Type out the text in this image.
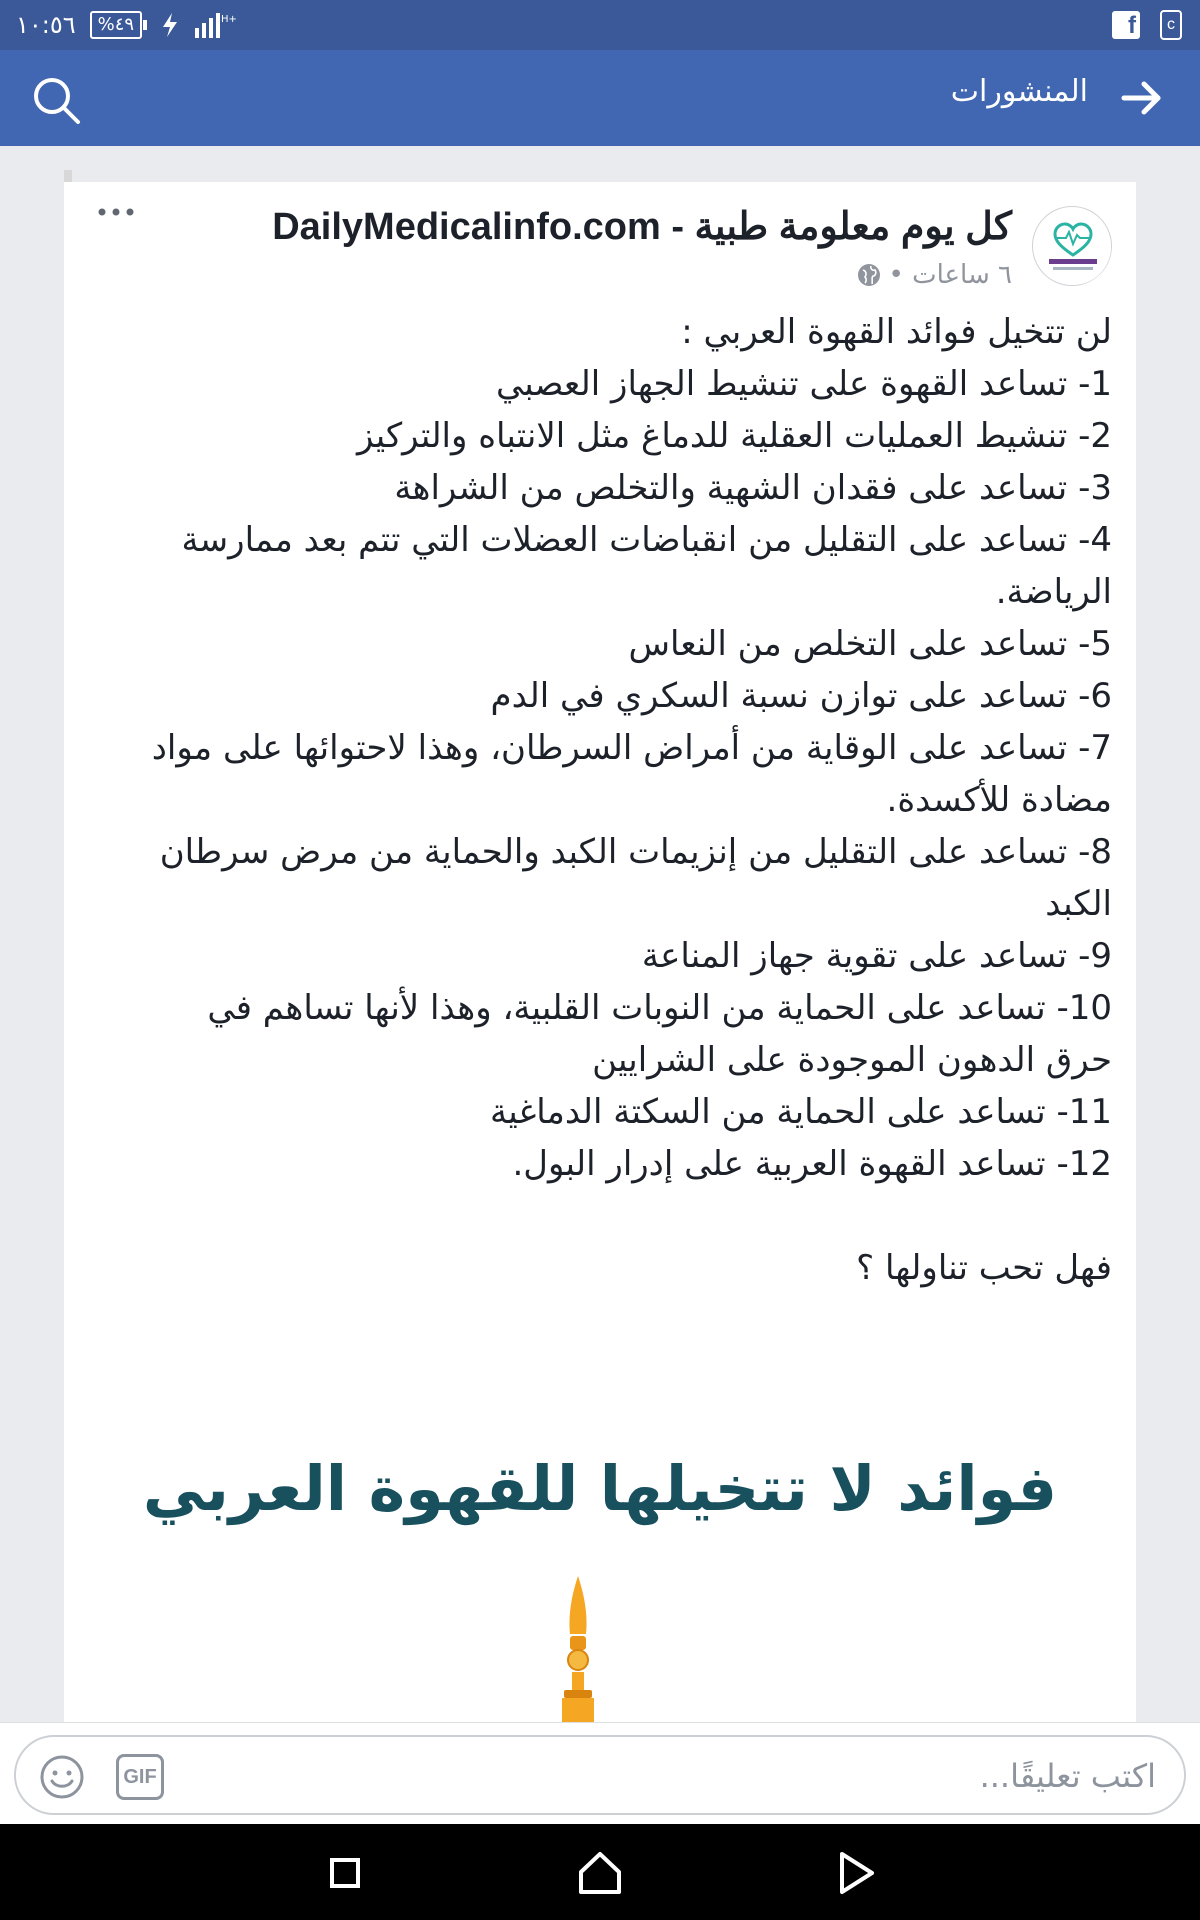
١٠:٥٦	%٤٩	H+	f	c
المنشورات
كل يوم معلومة طبية - DailyMedicalinfo.com
٦ ساعات •
لن تتخيل فوائد القهوة العربي :
1- تساعد القهوة على تنشيط الجهاز العصبي
2- تنشيط العمليات العقلية للدماغ مثل الانتباه والتركيز
3- تساعد على فقدان الشهية والتخلص من الشراهة
4- تساعد على التقليل من انقباضات العضلات التي تتم بعد ممارسة
الرياضة.
5- تساعد على التخلص من النعاس
6- تساعد على توازن نسبة السكري في الدم
7- تساعد على الوقاية من أمراض السرطان، وهذا لاحتوائها على مواد
مضادة للأكسدة.
8- تساعد على التقليل من إنزيمات الكبد والحماية من مرض سرطان
الكبد
9- تساعد على تقوية جهاز المناعة
10- تساعد على الحماية من النوبات القلبية، وهذا لأنها تساهم في
حرق الدهون الموجودة على الشرايين
11- تساعد على الحماية من السكتة الدماغية
12- تساعد القهوة العربية على إدرار البول.
فهل تحب تناولها ؟
فوائد لا تتخيلها للقهوة العربي
اكتب تعليقًا...
GIF
